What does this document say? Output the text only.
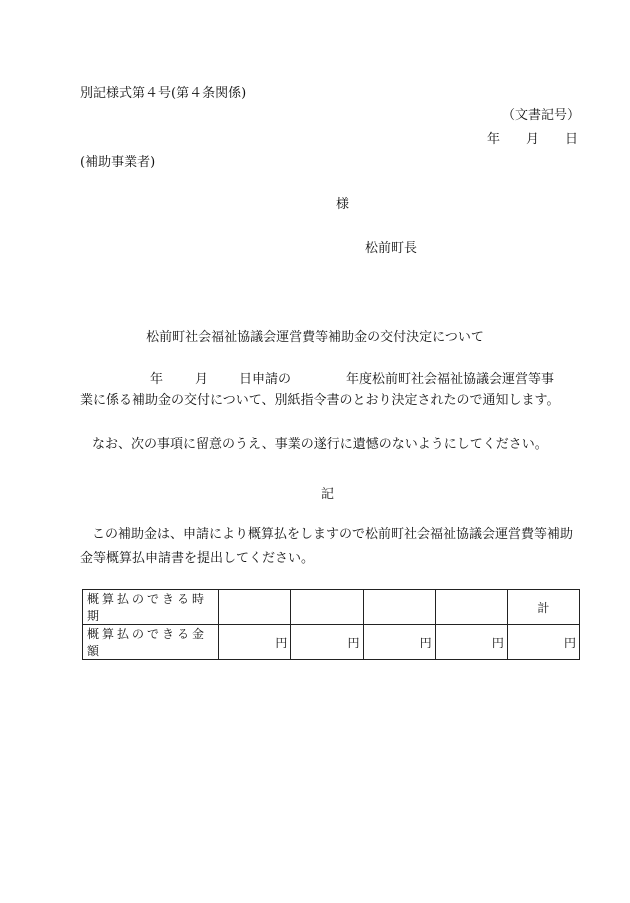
別記様式第４号(第４条関係)
（文書記号）
年 月 日
(補助事業者)
様
松前町長
松前町社会福祉協議会運営費等補助金の交付決定について
年 月 日申請の	年度松前町社会福祉協議会運営等事
業に係る補助金の交付について、別紙指令書のとおり決定されたので通知します。
なお、次の事項に留意のうえ、事業の遂行に遺憾のないようにしてください。
記
この補助金は、申請により概算払をしますので松前町社会福祉協議会運営費等補助金等概算払申請書を提出してください。
概算払のできる時期					計
概算払のできる金額	円	円	円	円	円
